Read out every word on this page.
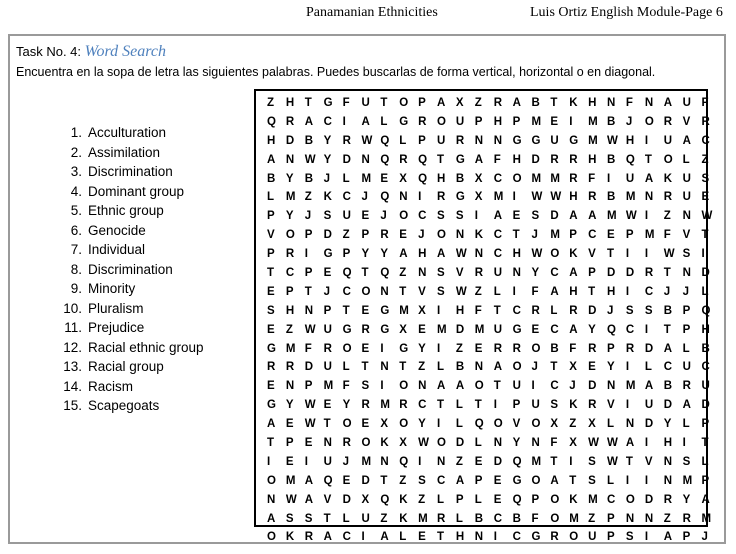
Panamanian Ethnicities	Luis Ortiz English Module-Page 6
Task No. 4: Word Search
Encuentra en la sopa de letra las siguientes palabras. Puedes buscarlas de forma vertical, horizontal o en diagonal.
1. Acculturation
2. Assimilation
3. Discrimination
4. Dominant group
5. Ethnic group
6. Genocide
7. Individual
8. Discrimination
9. Minority
10. Pluralism
11. Prejudice
12. Racial ethnic group
13. Racial group
14. Racism
15. Scapegoats
Z H T G F U T O P A X Z R A B T K H N F N A U F
Q R A C I A L G R O U P H P M E I M B J O R V R
H D B Y R W Q L P U R N N G G U G M W H I U A C
A N W Y D N Q R Q T G A F H D R R H B Q T O L Z
B Y B J L M E X Q H B X C O M M R F I U A K U S
L M Z K C J Q N I R G X M I W W H R B M N R U E
P Y J S U E J O C S S I A E S D A A M W I Z N W
V O P D Z P R E J O N K C T J M P C E P M F V T
P R I G P Y Y A H A W N C H W O K V T I I W S I
T C P E Q T Q Z N S V R U N Y C A P D D R T N D
E P T J C O N T V S W Z L I F A H T H I C J J L
S H N P T E G M X I H F T C R L R D J S S B P Q
E Z W U G R G X E M D M U G E C A Y Q C I T P H
G M F R O E I G Y I Z E R R O B F R P R D A L B
R R D U L T N T Z L B N A O J T X E Y I L C U C
E N P M F S I O N A A O T U I C J D N M A B R U
G Y W E Y R M R C T L T I P U S K R V I U D A D
A E W T O E X O Y I L Q O V O X Z X L N D Y L P
T P E N R O K X W O D L N Y N F X W W A I H I T
I E I U J M N Q I N Z E D Q M T I S W T V N S L
O M A Q E D T Z S C A P E G O A T S L I I N M P
N W A V D X Q K Z L P L E Q P O K M C O D R Y A
A S S T L U Z K M R L B C B F O M Z P N N Z R M
O K R A C I A L E T H N I C G R O U P S I A P J
